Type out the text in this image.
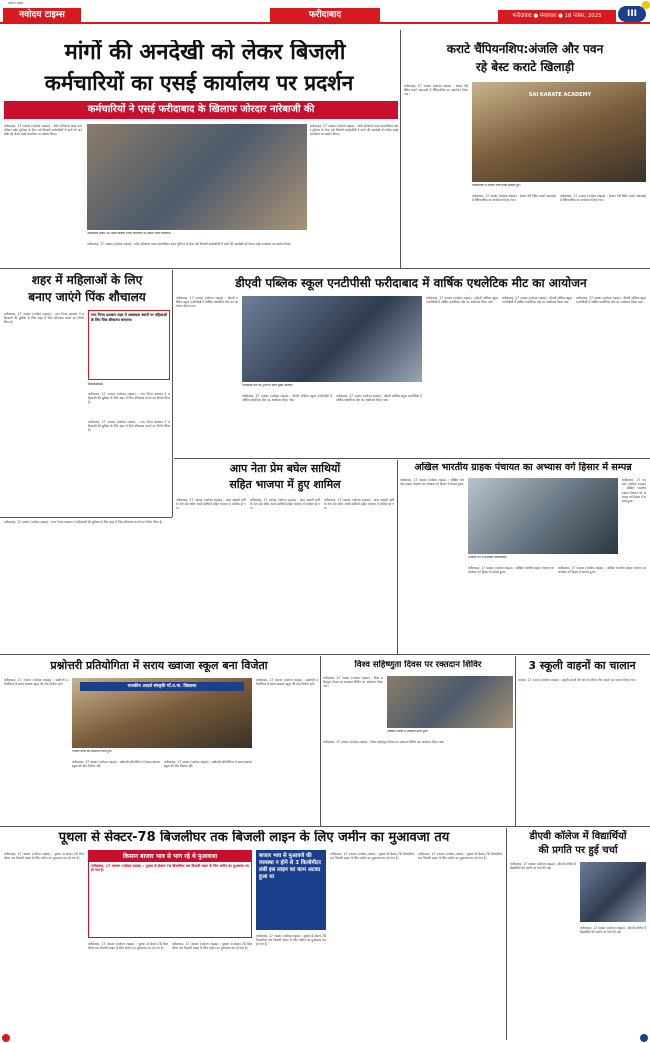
नवोदय टाइम्स
नवोदय टाइम्स	फरीदाबाद	फरीदाबाद ● मंगलवार ● 18 नवंबर, 2025	III
मांगों की अनदेखी को लेकर बिजली
कर्मचारियों का एसई कार्यालय पर प्रदर्शन
कर्मचारियों ने एसई फरीदाबाद के खिलाफ जोरदार नारेबाजी की
फरीदाबाद, 17 नवम्बर (नवोदय टाइम्स) : ऑल हरियाणा पावर कारपोरेशन वर्कर यूनियन के बैनर तले बिजली कर्मचारियों ने मांगों की अनदेखी को लेकर एसई कार्यालय पर प्रदर्शन किया।
फरीदाबाद सेक्टर 16 स्थित बिजली निगम कार्यालय पर प्रदर्शन करते कर्मचारी।
फरीदाबाद, 17 नवम्बर (नवोदय टाइम्स) : ऑल हरियाणा पावर कारपोरेशन वर्कर यूनियन के बैनर तले बिजली कर्मचारियों ने मांगों की अनदेखी को लेकर एसई कार्यालय पर प्रदर्शन किया।
फरीदाबाद, 17 नवम्बर (नवोदय टाइम्स) : ऑल हरियाणा पावर कारपोरेशन वर्कर यूनियन के बैनर तले बिजली कर्मचारियों ने मांगों की अनदेखी को लेकर एसई कार्यालय पर प्रदर्शन किया।
कराटे चैंपियनशिप:अंजलि और पवन
रहे बेस्ट कराटे खिलाड़ी
फरीदाबाद, 17 नवम्बर (नवोदय टाइम्स) : सेक्टर 56 स्थित कराटे अकादमी में चैंपियनशिप का आयोजन किया गया।	SAI KARATE ACADEMY
प्रतियोगिता में विजेता बच्चे पदक दिखाते हुए।
फरीदाबाद, 17 नवम्बर (नवोदय टाइम्स) : सेक्टर 56 स्थित कराटे अकादमी में चैंपियनशिप का आयोजन किया गया।
फरीदाबाद, 17 नवम्बर (नवोदय टाइम्स) : सेक्टर 56 स्थित कराटे अकादमी में चैंपियनशिप का आयोजन किया गया।
शहर में महिलाओं के लिए
बनाए जाएंगे पिंक शौचालय
फरीदाबाद, 17 नवम्बर (नवोदय टाइम्स) : नगर निगम प्रशासन ने महिलाओं की सुविधा के लिए शहर में पिंक शौचालय बनाने का निर्णय लिया है।
नगर निगम प्रशासन शहर में आवश्यक स्थानों पर महिलाओं के लिए पिंक शौचालय बनाएगा।
faridabad
फरीदाबाद, 17 नवम्बर (नवोदय टाइम्स) : नगर निगम प्रशासन ने महिलाओं की सुविधा के लिए शहर में पिंक शौचालय बनाने का निर्णय लिया है।
फरीदाबाद, 17 नवम्बर (नवोदय टाइम्स) : नगर निगम प्रशासन ने महिलाओं की सुविधा के लिए शहर में पिंक शौचालय बनाने का निर्णय लिया है।
डीएवी पब्लिक स्कूल एनटीपीसी फरीदाबाद में वार्षिक एथलेटिक मीट का आयोजन
फरीदाबाद, 17 नवम्बर (नवोदय टाइम्स) : डीएवी पब्लिक स्कूल एनटीपीसी में वार्षिक एथलेटिक मीट का आयोजन किया गया।
एथलेटिक मीट का शुभारंभ करते मुख्य अतिथि।
फरीदाबाद, 17 नवम्बर (नवोदय टाइम्स) : डीएवी पब्लिक स्कूल एनटीपीसी में वार्षिक एथलेटिक मीट का आयोजन किया गया।
फरीदाबाद, 17 नवम्बर (नवोदय टाइम्स) : डीएवी पब्लिक स्कूल एनटीपीसी में वार्षिक एथलेटिक मीट का आयोजन किया गया।
फरीदाबाद, 17 नवम्बर (नवोदय टाइम्स) : डीएवी पब्लिक स्कूल एनटीपीसी में वार्षिक एथलेटिक मीट का आयोजन किया गया।
फरीदाबाद, 17 नवम्बर (नवोदय टाइम्स) : डीएवी पब्लिक स्कूल एनटीपीसी में वार्षिक एथलेटिक मीट का आयोजन किया गया।
फरीदाबाद, 17 नवम्बर (नवोदय टाइम्स) : डीएवी पब्लिक स्कूल एनटीपीसी में वार्षिक एथलेटिक मीट का आयोजन किया गया।
आप नेता प्रेम बघेल साथियों
सहित भाजपा में हुए शामिल
फरीदाबाद, 17 नवम्बर (नवोदय टाइम्स) : आम आदमी पार्टी के नेता प्रेम बघेल अपने साथियों सहित भाजपा में शामिल हो गए।
फरीदाबाद, 17 नवम्बर (नवोदय टाइम्स) : आम आदमी पार्टी के नेता प्रेम बघेल अपने साथियों सहित भाजपा में शामिल हो गए।
फरीदाबाद, 17 नवम्बर (नवोदय टाइम्स) : आम आदमी पार्टी के नेता प्रेम बघेल अपने साथियों सहित भाजपा में शामिल हो गए।
अखिल भारतीय ग्राहक पंचायत का अभ्यास वर्ग हिसार में सम्पन्न
फरीदाबाद, 17 नवम्बर (नवोदय टाइम्स) : अखिल भारतीय ग्राहक पंचायत का अभ्यास वर्ग हिसार में सम्पन्न हुआ।
अभ्यास वर्ग में उपस्थित पदाधिकारी।
फरीदाबाद, 17 नवम्बर (नवोदय टाइम्स) : अखिल भारतीय ग्राहक पंचायत का अभ्यास वर्ग हिसार में सम्पन्न हुआ।
फरीदाबाद, 17 नवम्बर (नवोदय टाइम्स) : अखिल भारतीय ग्राहक पंचायत का अभ्यास वर्ग हिसार में सम्पन्न हुआ।
फरीदाबाद, 17 नवम्बर (नवोदय टाइम्स) : अखिल भारतीय ग्राहक पंचायत का अभ्यास वर्ग हिसार में सम्पन्न हुआ।
फरीदाबाद, 17 नवम्बर (नवोदय टाइम्स) : नगर निगम प्रशासन ने महिलाओं की सुविधा के लिए शहर में पिंक शौचालय बनाने का निर्णय लिया है।
प्रश्नोत्तरी प्रतियोगिता में सराय ख्वाजा स्कूल बना विजेता
फरीदाबाद, 17 नवम्बर (नवोदय टाइम्स) : प्रश्नोत्तरी प्रतियोगिता में सराय ख्वाजा स्कूल की टीम विजेता रही।	राजकीय आदर्श संस्कृति मॉ.व.मा. विद्यालय
विजेता बच्चों को सम्मानित करते हुए।
फरीदाबाद, 17 नवम्बर (नवोदय टाइम्स) : प्रश्नोत्तरी प्रतियोगिता में सराय ख्वाजा स्कूल की टीम विजेता रही।
फरीदाबाद, 17 नवम्बर (नवोदय टाइम्स) : प्रश्नोत्तरी प्रतियोगिता में सराय ख्वाजा स्कूल की टीम विजेता रही।
फरीदाबाद, 17 नवम्बर (नवोदय टाइम्स) : प्रश्नोत्तरी प्रतियोगिता में सराय ख्वाजा स्कूल की टीम विजेता रही।
विश्व सहिष्णुता दिवस पर रक्तदान शिविर
फरीदाबाद, 17 नवम्बर (नवोदय टाइम्स) : विश्व सहिष्णुता दिवस पर रक्तदान शिविर का आयोजन किया गया।
रक्तदान शिविर में रक्तदान करते युवा।
फरीदाबाद, 17 नवम्बर (नवोदय टाइम्स) : विश्व सहिष्णुता दिवस पर रक्तदान शिविर का आयोजन किया गया।
3 स्कूली वाहनों का चालान
पलवल, 17 नवम्बर (नवोदय टाइम्स) : स्कूली वाहनों की जांच के दौरान तीन वाहनों का चालान किया गया।
पूथला से सेक्टर-78 बिजलीघर तक बिजली लाइन के लिए जमीन का मुआवजा तय
फरीदाबाद, 17 नवम्बर (नवोदय टाइम्स) : पूथला से सेक्टर-78 बिजलीघर तक बिजली लाइन के लिए जमीन का मुआवजा तय हो गया है।	किसान बाजार भाव से भाग रहे थे मुआवजा
फरीदाबाद, 17 नवम्बर (नवोदय टाइम्स) : पूथला से सेक्टर-78 बिजलीघर तक बिजली लाइन के लिए जमीन का मुआवजा तय हो गया है।
फरीदाबाद, 17 नवम्बर (नवोदय टाइम्स) : पूथला से सेक्टर-78 बिजलीघर तक बिजली लाइन के लिए जमीन का मुआवजा तय हो गया है।
फरीदाबाद, 17 नवम्बर (नवोदय टाइम्स) : पूथला से सेक्टर-78 बिजलीघर तक बिजली लाइन के लिए जमीन का मुआवजा तय हो गया है।
बाजार भाव से मुआवजे की व्यवस्था न होने से 3 किलोमीटर लंबी इस लाइन का काम अटका हुआ था
फरीदाबाद, 17 नवम्बर (नवोदय टाइम्स) : पूथला से सेक्टर-78 बिजलीघर तक बिजली लाइन के लिए जमीन का मुआवजा तय हो गया है।
फरीदाबाद, 17 नवम्बर (नवोदय टाइम्स) : पूथला से सेक्टर-78 बिजलीघर तक बिजली लाइन के लिए जमीन का मुआवजा तय हो गया है।
फरीदाबाद, 17 नवम्बर (नवोदय टाइम्स) : पूथला से सेक्टर-78 बिजलीघर तक बिजली लाइन के लिए जमीन का मुआवजा तय हो गया है।
डीएवी कॉलेज में विद्यार्थियों
की प्रगति पर हुई चर्चा
फरीदाबाद, 17 नवम्बर (नवोदय टाइम्स) : डीएवी कॉलेज में विद्यार्थियों की प्रगति पर चर्चा की गई।
फरीदाबाद, 17 नवम्बर (नवोदय टाइम्स) : डीएवी कॉलेज में विद्यार्थियों की प्रगति पर चर्चा की गई।
